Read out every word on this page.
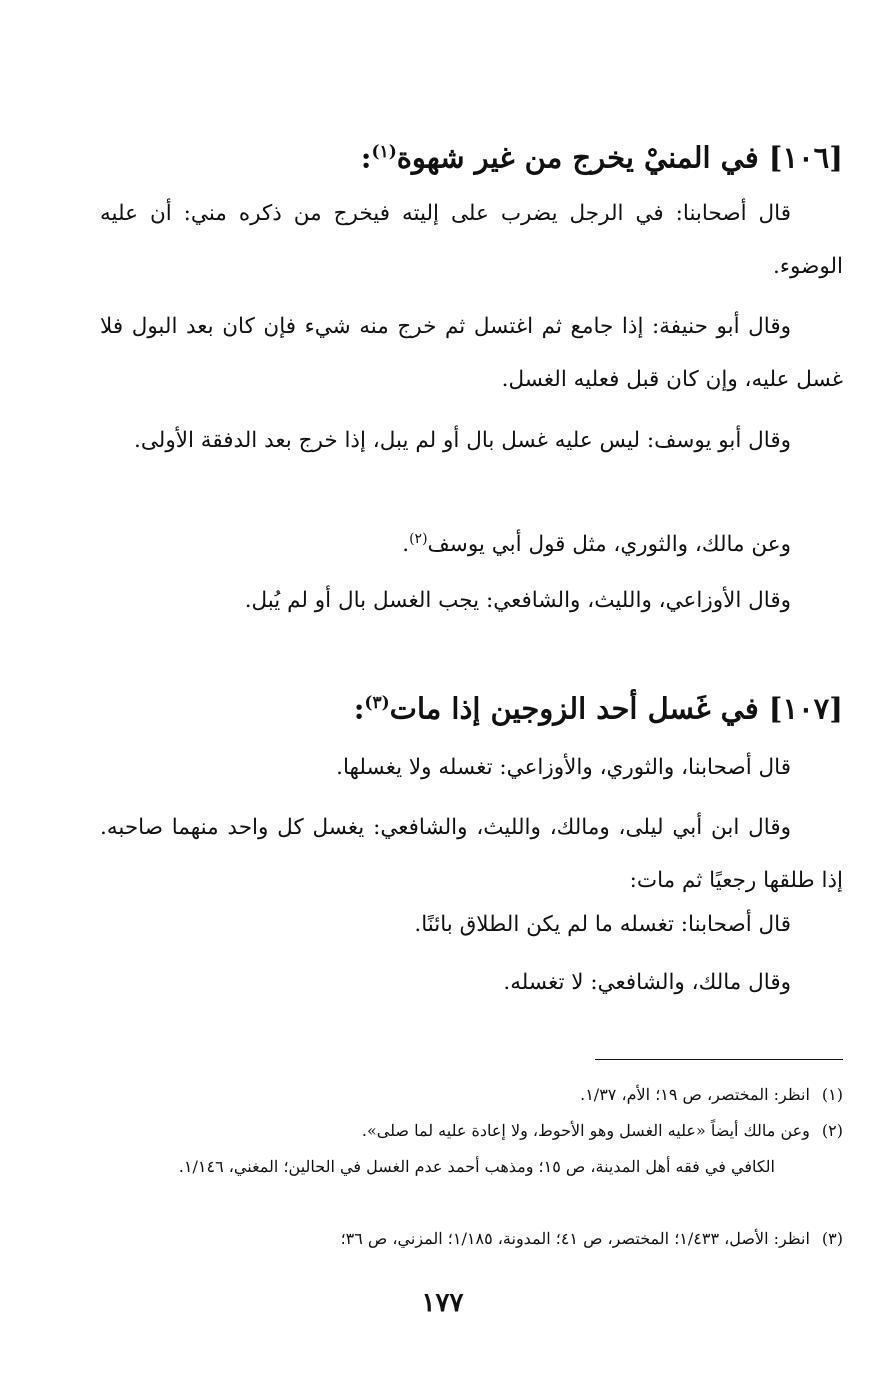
[١٠٦] في المنيْ يخرج من غير شهوة$^{(١)}$:
قال أصحابنا: في الرجل يضرب على إليته فيخرج من ذكره مني: أن عليه الوضوء.
وقال أبو حنيفة: إذا جامع ثم اغتسل ثم خرج منه شيء فإن كان بعد البول فلا غسل عليه، وإن كان قبل فعليه الغسل.
وقال أبو يوسف: ليس عليه غسل بال أو لم يبل، إذا خرج بعد الدفقة الأولى.
وعن مالك، والثوري، مثل قول أبي يوسف$^{(٢)}$.
وقال الأوزاعي، والليث، والشافعي: يجب الغسل بال أو لم يُبل.
[١٠٧] في غَسل أحد الزوجين إذا مات$^{(٣)}$:
قال أصحابنا، والثوري، والأوزاعي: تغسله ولا يغسلها.
وقال ابن أبي ليلى، ومالك، والليث، والشافعي: يغسل كل واحد منهما صاحبه. إذا طلقها رجعيًا ثم مات:
قال أصحابنا: تغسله ما لم يكن الطلاق بائنًا.
وقال مالك، والشافعي: لا تغسله.
(١)انظر: المختصر، ص ١٩؛ الأم، ١/٣٧.
(٢)وعن مالك أيضاً «عليه الغسل وهو الأحوط، ولا إعادة عليه لما صلى».
الكافي في فقه أهل المدينة، ص ١٥؛ ومذهب أحمد عدم الغسل في الحالين؛ المغني، ١/١٤٦.
(٣)انظر: الأصل، ١/٤٣٣؛ المختصر، ص ٤١؛ المدونة، ١/١٨٥؛ المزني، ص ٣٦؛
١٧٧
